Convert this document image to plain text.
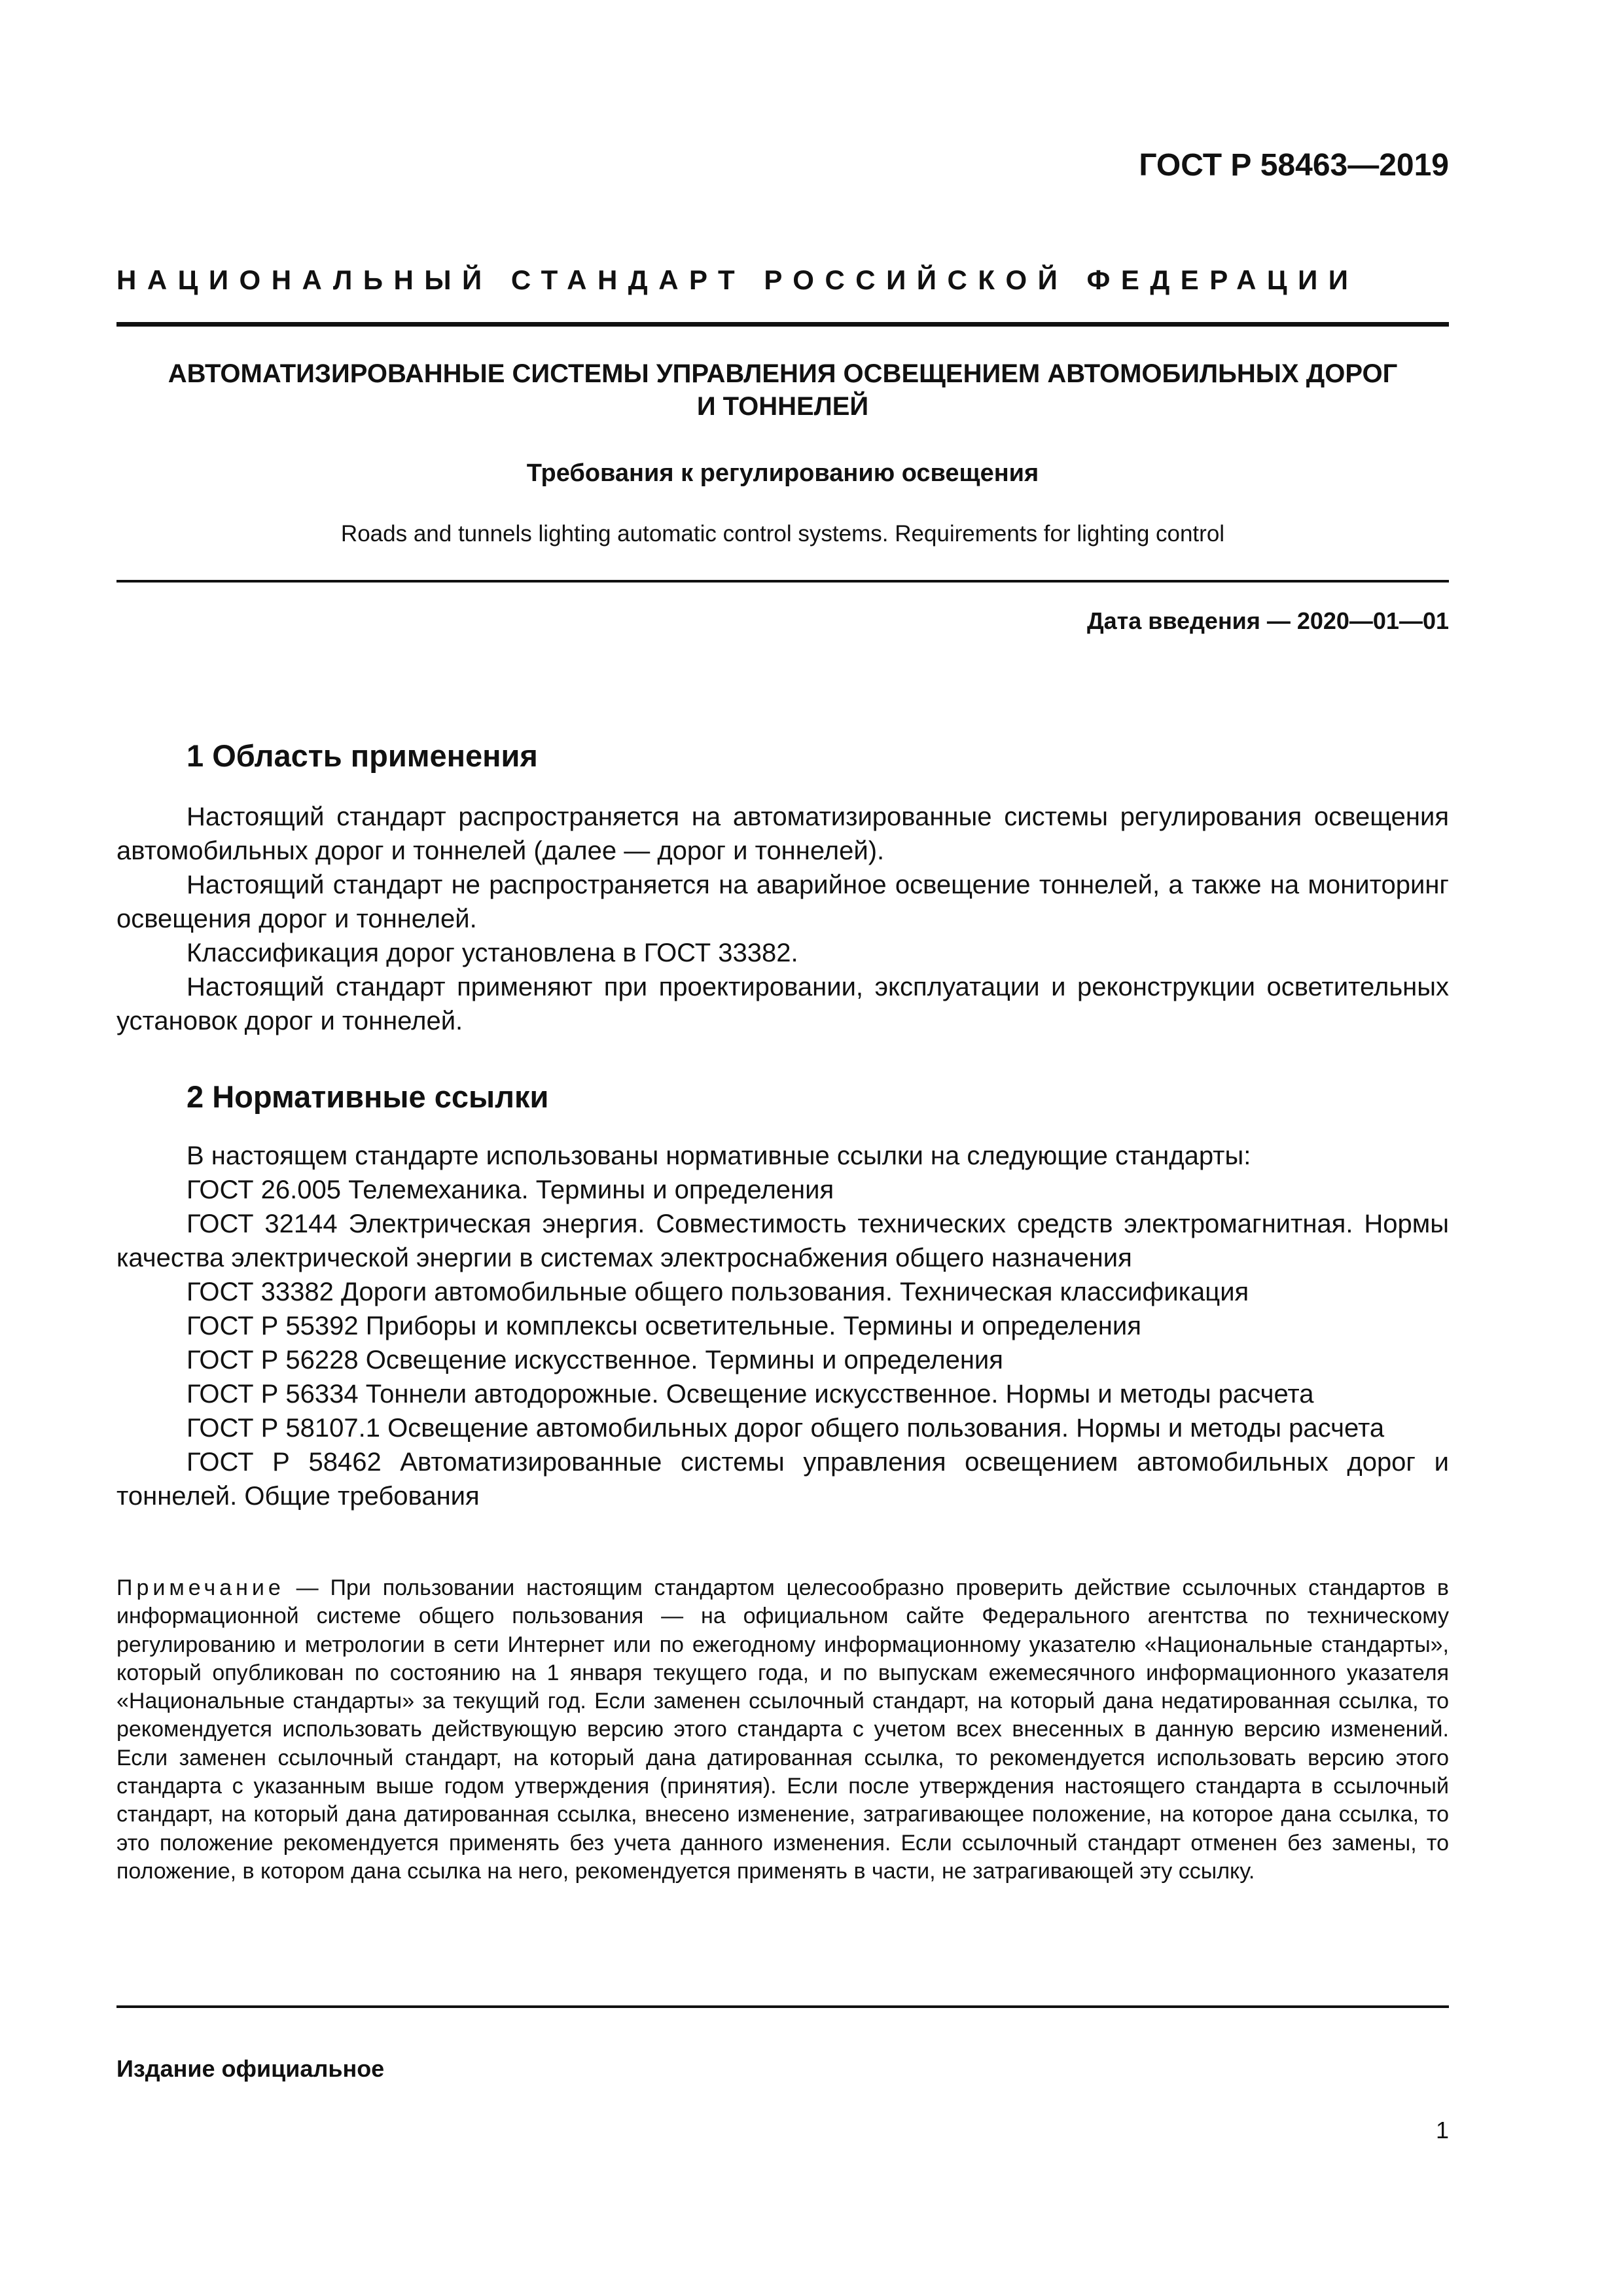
ГОСТ Р 58463—2019
НАЦИОНАЛЬНЫЙ СТАНДАРТ РОССИЙСКОЙ ФЕДЕРАЦИИ
АВТОМАТИЗИРОВАННЫЕ СИСТЕМЫ УПРАВЛЕНИЯ ОСВЕЩЕНИЕМ АВТОМОБИЛЬНЫХ ДОРОГ
И ТОННЕЛЕЙ
Требования к регулированию освещения
Roads and tunnels lighting automatic control systems. Requirements for lighting control
Дата введения — 2020—01—01
1 Область применения

Настоящий стандарт распространяется на автоматизированные системы регулирования освещения автомобильных дорог и тоннелей (далее — дорог и тоннелей).

Настоящий стандарт не распространяется на аварийное освещение тоннелей, а также на мониторинг освещения дорог и тоннелей.

Классификация дорог установлена в ГОСТ 33382.

Настоящий стандарт применяют при проектировании, эксплуатации и реконструкции осветительных установок дорог и тоннелей.

2 Нормативные ссылки

В настоящем стандарте использованы нормативные ссылки на следующие стандарты:

ГОСТ 26.005 Телемеханика. Термины и определения

ГОСТ 32144 Электрическая энергия. Совместимость технических средств электромагнитная. Нормы качества электрической энергии в системах электроснабжения общего назначения

ГОСТ 33382 Дороги автомобильные общего пользования. Техническая классификация

ГОСТ Р 55392 Приборы и комплексы осветительные. Термины и определения

ГОСТ Р 56228 Освещение искусственное. Термины и определения

ГОСТ Р 56334 Тоннели автодорожные. Освещение искусственное. Нормы и методы расчета

ГОСТ Р 58107.1 Освещение автомобильных дорог общего пользования. Нормы и методы расчета

ГОСТ Р 58462 Автоматизированные системы управления освещением автомобильных дорог и тоннелей. Общие требования

Примечание — При пользовании настоящим стандартом целесообразно проверить действие ссылочных стандартов в информационной системе общего пользования — на официальном сайте Федерального агентства по техническому регулированию и метрологии в сети Интернет или по ежегодному информационному указателю «Национальные стандарты», который опубликован по состоянию на 1 января текущего года, и по выпускам ежемесячного информационного указателя «Национальные стандарты» за текущий год. Если заменен ссылочный стандарт, на который дана недатированная ссылка, то рекомендуется использовать действующую версию этого стандарта с учетом всех внесенных в данную версию изменений. Если заменен ссылочный стандарт, на который дана датированная ссылка, то рекомендуется использовать версию этого стандарта с указанным выше годом утверждения (принятия). Если после утверждения настоящего стандарта в ссылочный стандарт, на который дана датированная ссылка, внесено изменение, затрагивающее положение, на которое дана ссылка, то это положение рекомендуется применять без учета данного изменения. Если ссылочный стандарт отменен без замены, то положение, в котором дана ссылка на него, рекомендуется применять в части, не затрагивающей эту ссылку.
Издание официальное
1
